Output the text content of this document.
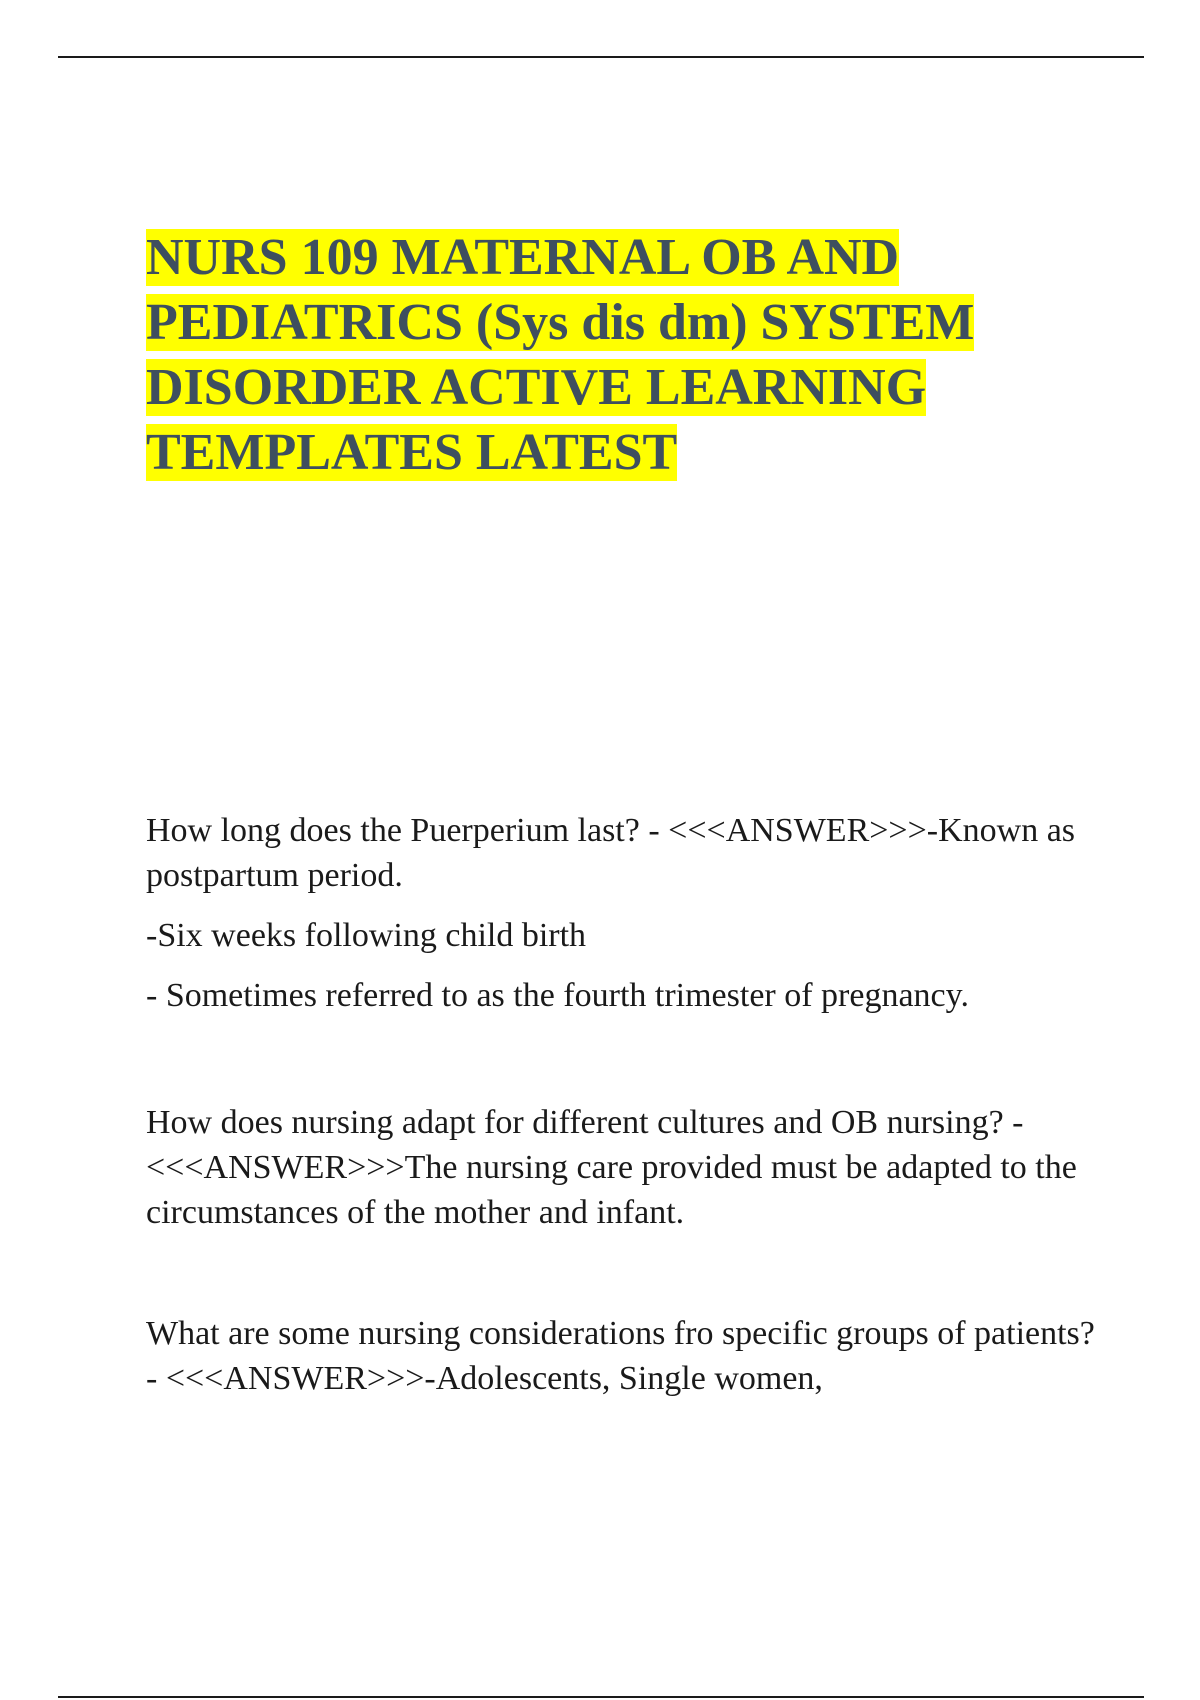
NURS 109 MATERNAL OB AND PEDIATRICS (Sys dis dm) SYSTEM DISORDER ACTIVE LEARNING TEMPLATES LATEST

How long does the Puerperium last? - <<<ANSWER>>>-Known as postpartum period.

-Six weeks following child birth

- Sometimes referred to as the fourth trimester of pregnancy.

How does nursing adapt for different cultures and OB nursing? - <<<ANSWER>>>The nursing care provided must be adapted to the circumstances of the mother and infant.

What are some nursing considerations fro specific groups of patients? - <<<ANSWER>>>-Adolescents, Single women,
